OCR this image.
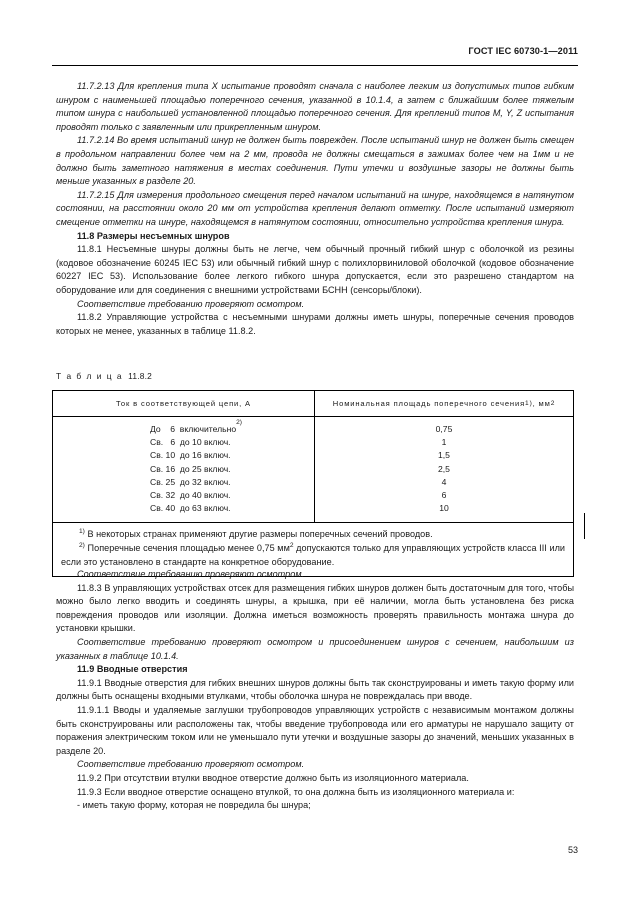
ГОСТ IEC 60730-1—2011

11.7.2.13 Для крепления типа Х испытание проводят сначала с наиболее легким из допустимых типов гибким шнуром с наименьшей площадью поперечного сечения, указанной в 10.1.4, а затем с ближайшим более тяжелым типом шнура с наибольшей установленной площадью поперечного сечения. Для креплений типов М, Y, Z испытания проводят только с заявленным или прикрепленным шнуром.

11.7.2.14 Во время испытаний шнур не должен быть поврежден. После испытаний шнур не должен быть смещен в продольном направлении более чем на 2 мм, провода не должны смещаться в зажимах более чем на 1мм и не должно быть заметного натяжения в местах соединения. Пути утечки и воздушные зазоры не должны быть меньше указанных в разделе 20.

11.7.2.15 Для измерения продольного смещения перед началом испытаний на шнуре, находящемся в натянутом состоянии, на расстоянии около 20 мм от устройства крепления делают отметку. После испытаний измеряют смещение отметки на шнуре, находящемся в натянутом состоянии, относительно устройства крепления шнура.

11.8 Размеры несъемных шнуров

11.8.1 Несъемные шнуры должны быть не легче, чем обычный прочный гибкий шнур с оболочкой из резины (кодовое обозначение 60245 IEC 53) или обычный гибкий шнур с полихлорвиниловой оболочкой (кодовое обозначение 60227 IEC 53). Использование более легкого гибкого шнура допускается, если это разрешено стандартом на оборудование или для соединения с внешними устройствами БСНН (сенсоры/блоки).

Соответствие требованию проверяют осмотром.

11.8.2 Управляющие устройства с несъемными шнурами должны иметь шнуры, поперечные сечения проводов которых не менее, указанных в таблице 11.8.2.

Т а б л и ц а 11.8.2
Ток в соответствующей цепи, А	Номинальная площадь поперечного сечения 1) , мм 2
До    6  включительно
2)
Св.   6  до 10 включ.
Св. 10  до 16 включ.
Св. 16  до 25 включ.
Св. 25  до 32 включ.
Св. 32  до 40 включ.
Св. 40  до 63 включ.
0,75
1
1,5
2,5
4
6
10

$^{1)}$ В некоторых странах применяют другие размеры поперечных сечений проводов.

$^{2)}$ Поперечные сечения площадью менее 0,75 $мм^2$ допускаются только для управляющих устройств класса III или если это установлено в стандарте на конкретное оборудование.

Соответствие требованию проверяют осмотром.

11.8.3 В управляющих устройствах отсек для размещения гибких шнуров должен быть достаточным для того, чтобы можно было легко вводить и соединять шнуры, а крышка, при её наличии, могла быть установлена без риска повреждения проводов или изоляции. Должна иметься возможность проверять правильность монтажа шнура до установки крышки.

Соответствие требованию проверяют осмотром и присоединением шнуров с сечением, наибольшим из указанных в таблице 10.1.4.

11.9 Вводные отверстия

11.9.1 Вводные отверстия для гибких внешних шнуров должны быть так сконструированы и иметь такую форму или должны быть оснащены входными втулками, чтобы оболочка шнура не повреждалась при вводе.

11.9.1.1 Вводы и удаляемые заглушки трубопроводов управляющих устройств с независимым монтажом должны быть сконструированы или расположены так, чтобы введение трубопровода или его арматуры не нарушало защиту от поражения электрическим током или не уменьшало пути утечки и воздушные зазоры до значений, меньших указанных в разделе 20.

Соответствие требованию проверяют осмотром.

11.9.2 При отсутствии втулки вводное отверстие должно быть из изоляционного материала.

11.9.3 Если вводное отверстие оснащено втулкой, то она должна быть из изоляционного материала и:

- иметь такую форму, которая не повредила бы шнура;

53
